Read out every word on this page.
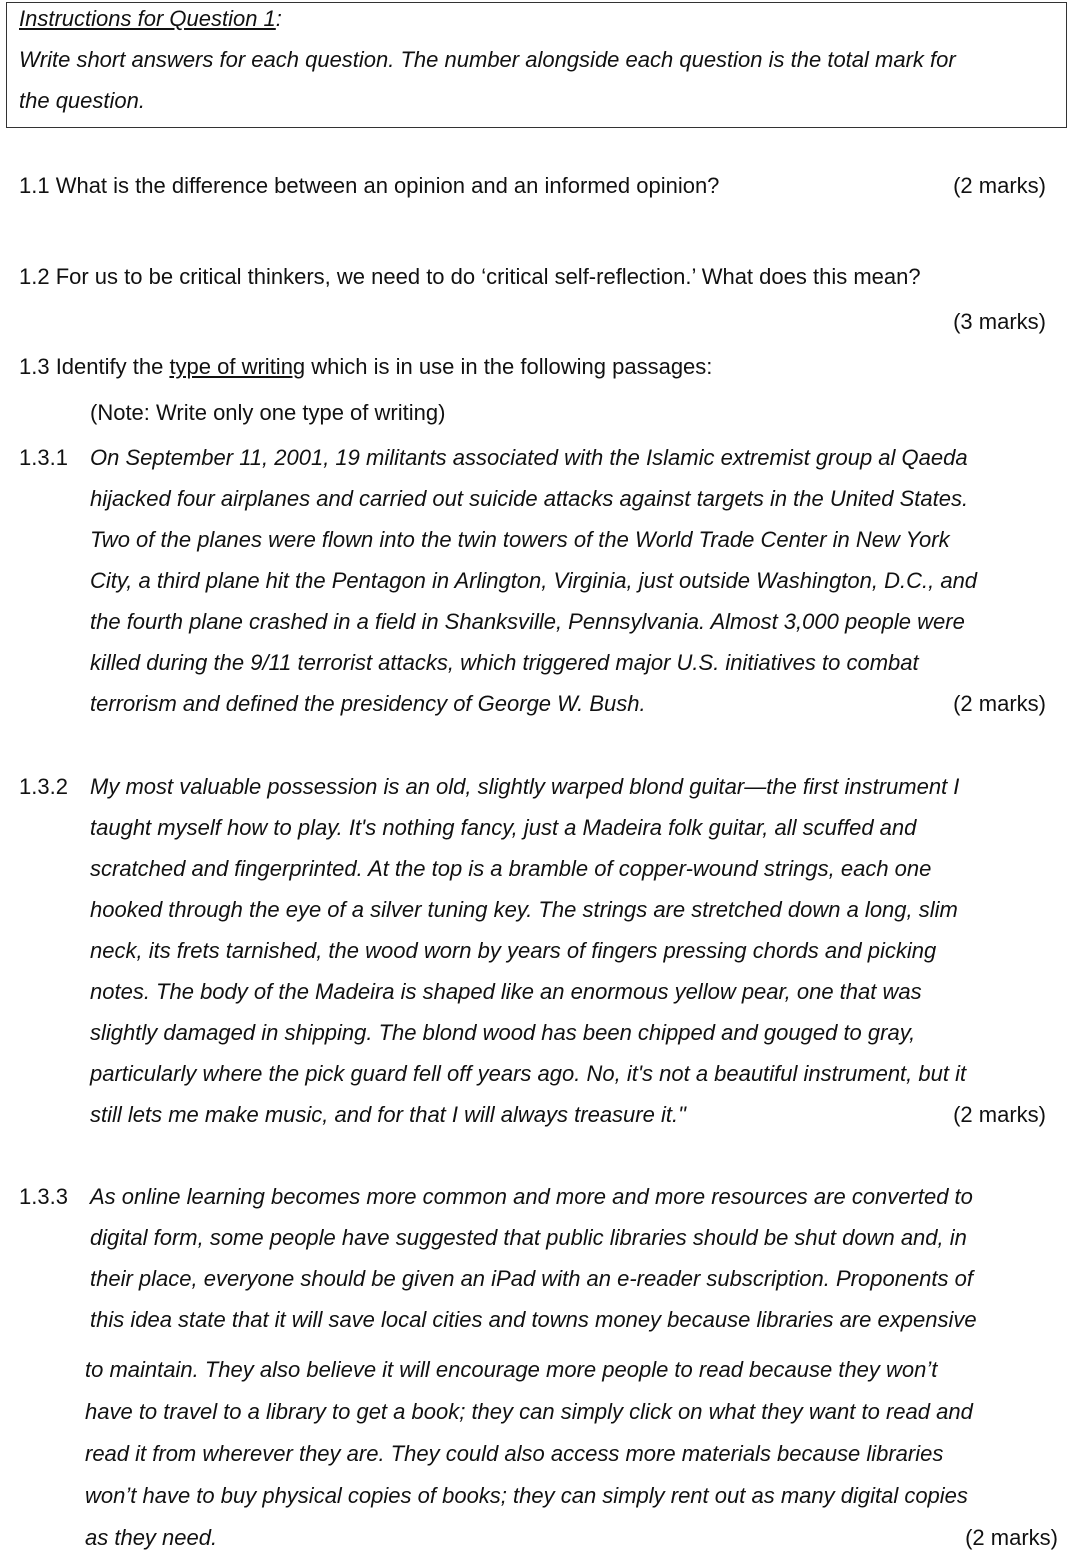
Instructions for Question 1:

Write short answers for each question. The number alongside each question is the total mark for

the question.

1.1 What is the difference between an opinion and an informed opinion?	(2 marks)

1.2 For us to be critical thinkers, we need to do ‘critical self-reflection.’ What does this mean?

(3 marks)

1.3 Identify the type of writing which is in use in the following passages:

(Note: Write only one type of writing)

1.3.1 On September 11, 2001, 19 militants associated with the Islamic extremist group al Qaeda

hijacked four airplanes and carried out suicide attacks against targets in the United States.

Two of the planes were flown into the twin towers of the World Trade Center in New York

City, a third plane hit the Pentagon in Arlington, Virginia, just outside Washington, D.C., and

the fourth plane crashed in a field in Shanksville, Pennsylvania. Almost 3,000 people were

killed during the 9/11 terrorist attacks, which triggered major U.S. initiatives to combat

terrorism and defined the presidency of George W. Bush.	(2 marks)

1.3.2 My most valuable possession is an old, slightly warped blond guitar—the first instrument I

taught myself how to play. It's nothing fancy, just a Madeira folk guitar, all scuffed and

scratched and fingerprinted. At the top is a bramble of copper-wound strings, each one

hooked through the eye of a silver tuning key. The strings are stretched down a long, slim

neck, its frets tarnished, the wood worn by years of fingers pressing chords and picking

notes. The body of the Madeira is shaped like an enormous yellow pear, one that was

slightly damaged in shipping. The blond wood has been chipped and gouged to gray,

particularly where the pick guard fell off years ago. No, it's not a beautiful instrument, but it

still lets me make music, and for that I will always treasure it."	(2 marks)

1.3.3 As online learning becomes more common and more and more resources are converted to

digital form, some people have suggested that public libraries should be shut down and, in

their place, everyone should be given an iPad with an e-reader subscription. Proponents of

this idea state that it will save local cities and towns money because libraries are expensive

to maintain. They also believe it will encourage more people to read because they won’t

have to travel to a library to get a book; they can simply click on what they want to read and

read it from wherever they are. They could also access more materials because libraries

won’t have to buy physical copies of books; they can simply rent out as many digital copies

as they need.	(2 marks)
